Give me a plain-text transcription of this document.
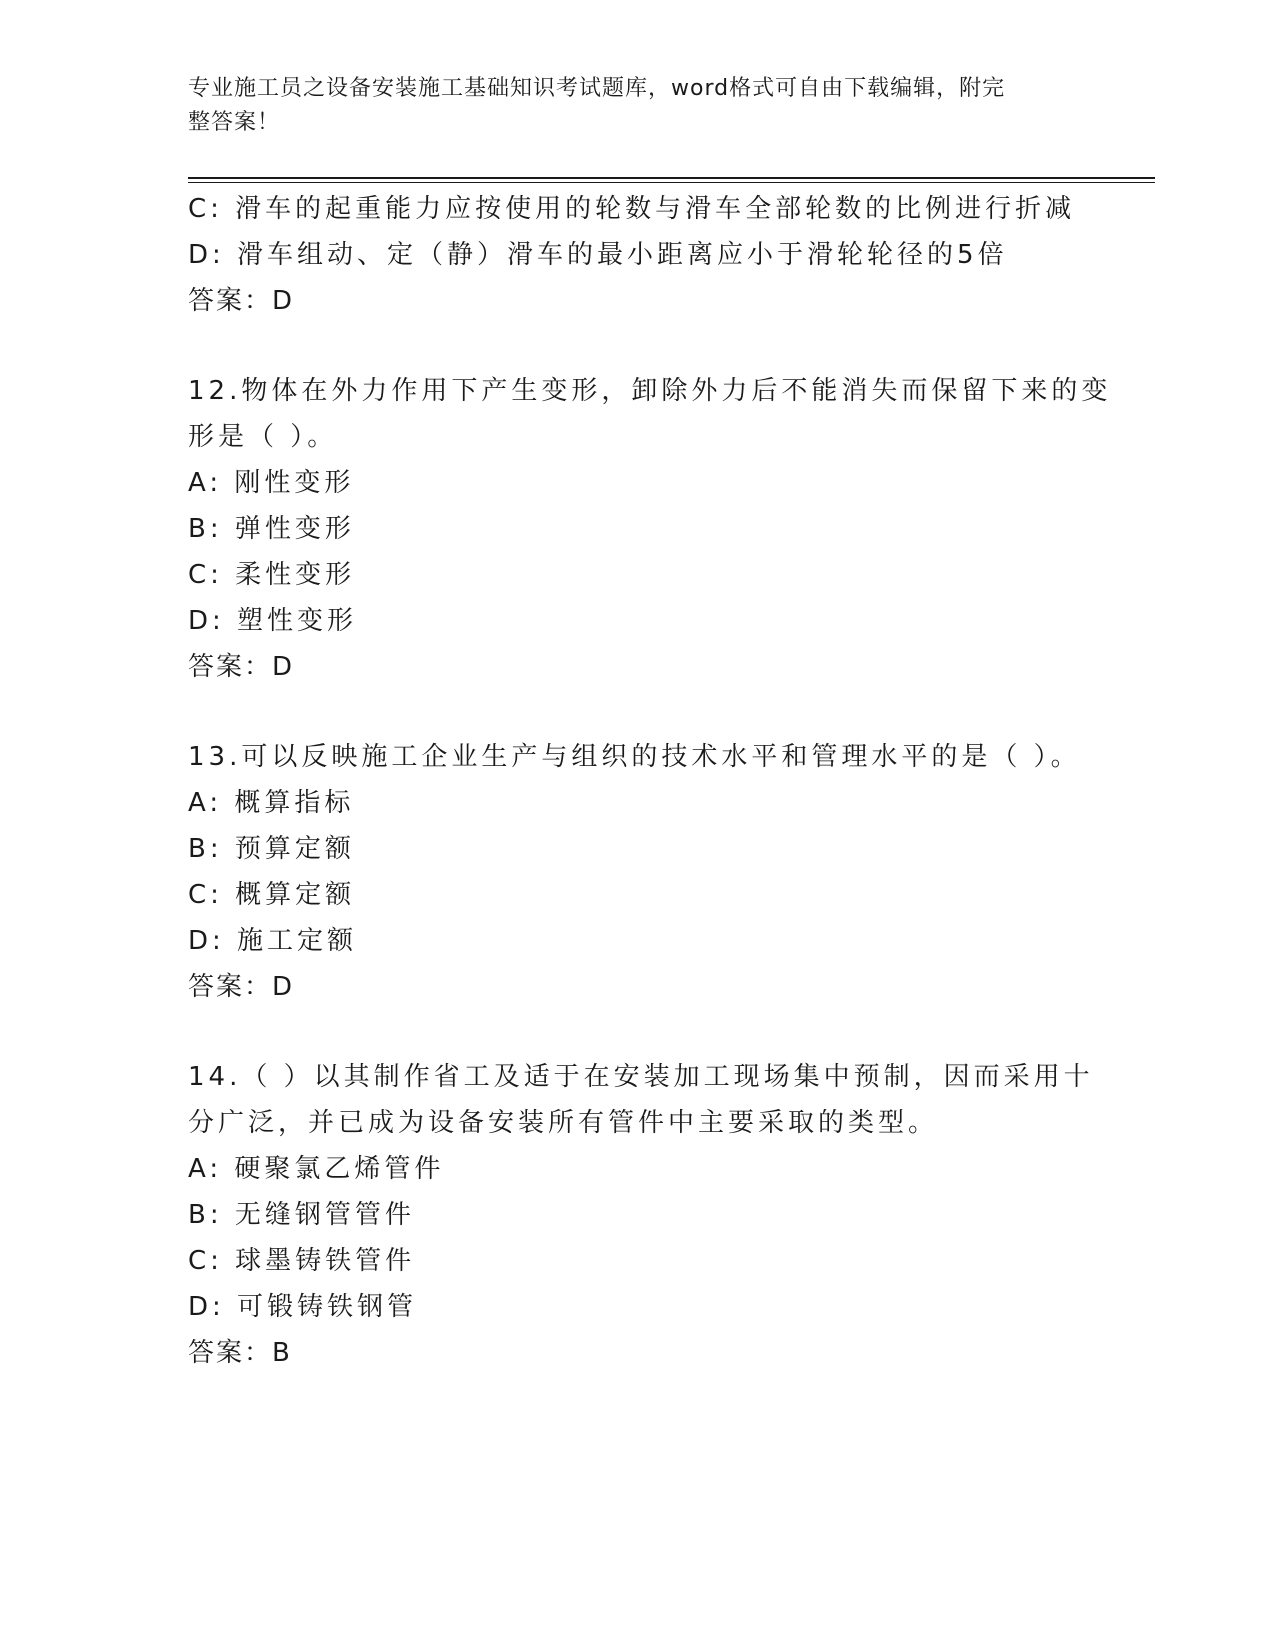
专业施工员之设备安装施工基础知识考试题库，word格式可自由下载编辑，附完
整答案！
C: 滑车的起重能力应按使用的轮数与滑车全部轮数的比例进行折减
D: 滑车组动、定（静）滑车的最小距离应小于滑轮轮径的5倍
答案：D
12.物体在外力作用下产生变形，卸除外力后不能消失而保留下来的变
形是（ ）。
A: 刚性变形
B: 弹性变形
C: 柔性变形
D: 塑性变形
答案：D
13.可以反映施工企业生产与组织的技术水平和管理水平的是（ ）。
A: 概算指标
B: 预算定额
C: 概算定额
D: 施工定额
答案：D
14.（ ）以其制作省工及适于在安装加工现场集中预制，因而采用十
分广泛，并已成为设备安装所有管件中主要采取的类型。
A: 硬聚氯乙烯管件
B: 无缝钢管管件
C: 球墨铸铁管件
D: 可锻铸铁钢管
答案：B
